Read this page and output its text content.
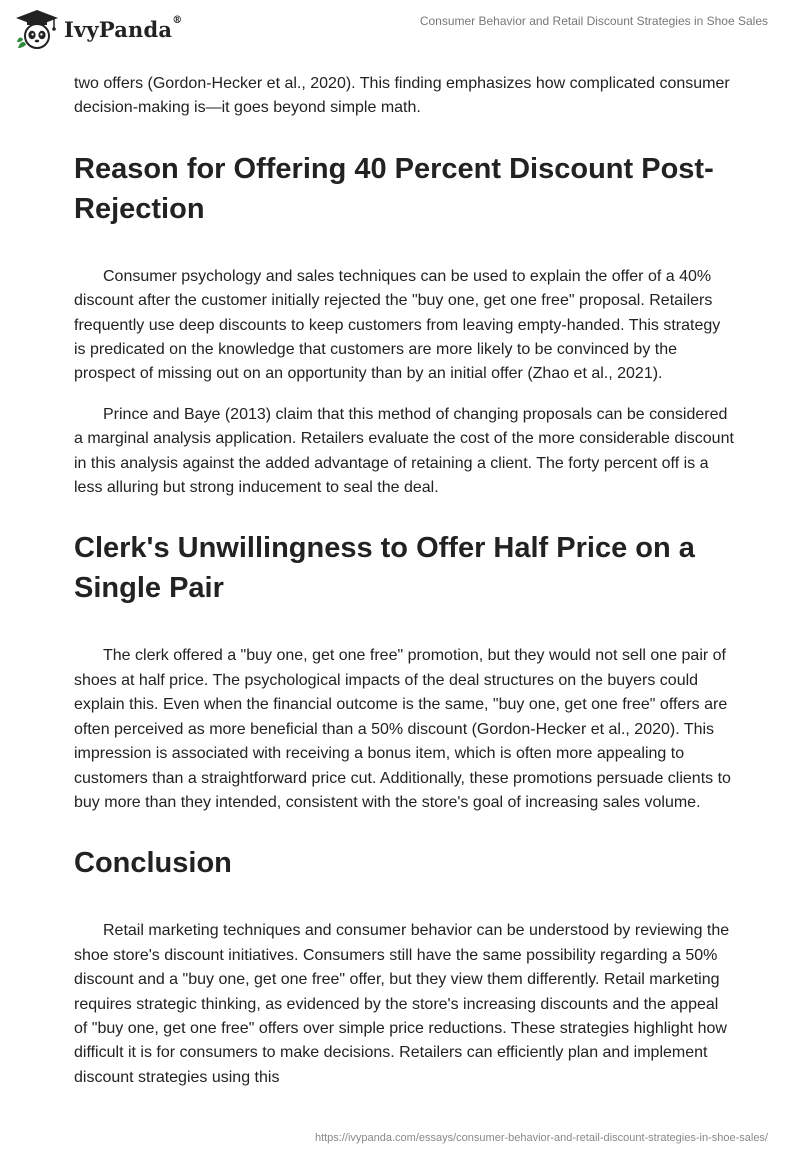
IvyPanda®	Consumer Behavior and Retail Discount Strategies in Shoe Sales

two offers (Gordon-Hecker et al., 2020). This finding emphasizes how complicated consumer decision-making is—it goes beyond simple math.

Reason for Offering 40 Percent Discount Post-Rejection

Consumer psychology and sales techniques can be used to explain the offer of a 40% discount after the customer initially rejected the "buy one, get one free" proposal. Retailers frequently use deep discounts to keep customers from leaving empty-handed. This strategy is predicated on the knowledge that customers are more likely to be convinced by the prospect of missing out on an opportunity than by an initial offer (Zhao et al., 2021).

Prince and Baye (2013) claim that this method of changing proposals can be considered a marginal analysis application. Retailers evaluate the cost of the more considerable discount in this analysis against the added advantage of retaining a client. The forty percent off is a less alluring but strong inducement to seal the deal.

Clerk's Unwillingness to Offer Half Price on a Single Pair

The clerk offered a "buy one, get one free" promotion, but they would not sell one pair of shoes at half price. The psychological impacts of the deal structures on the buyers could explain this. Even when the financial outcome is the same, "buy one, get one free" offers are often perceived as more beneficial than a 50% discount (Gordon-Hecker et al., 2020). This impression is associated with receiving a bonus item, which is often more appealing to customers than a straightforward price cut. Additionally, these promotions persuade clients to buy more than they intended, consistent with the store's goal of increasing sales volume.

Conclusion

Retail marketing techniques and consumer behavior can be understood by reviewing the shoe store's discount initiatives. Consumers still have the same possibility regarding a 50% discount and a "buy one, get one free" offer, but they view them differently. Retail marketing requires strategic thinking, as evidenced by the store's increasing discounts and the appeal of "buy one, get one free" offers over simple price reductions. These strategies highlight how difficult it is for consumers to make decisions. Retailers can efficiently plan and implement discount strategies using this

https://ivypanda.com/essays/consumer-behavior-and-retail-discount-strategies-in-shoe-sales/
